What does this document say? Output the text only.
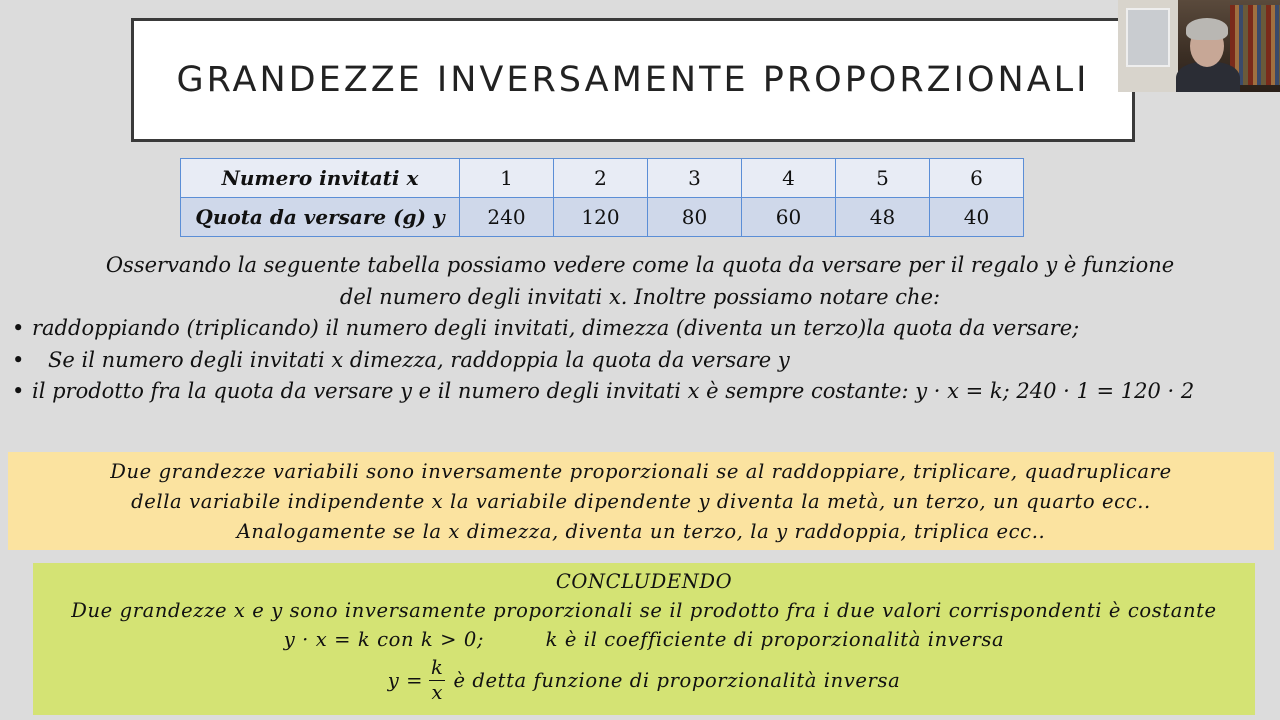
GRANDEZZE INVERSAMENTE PROPORZIONALI
Numero invitati x	1	2	3	4	5	6
Quota da versare (g) y	240	120	80	60	48	40
Osservando la seguente tabella possiamo vedere come la quota da versare per il regalo y è funzione
del numero degli invitati x. Inoltre possiamo notare che:
• raddoppiando (triplicando) il numero degli invitati, dimezza (diventa un terzo)la quota da versare;
• Se il numero degli invitati x dimezza, raddoppia la quota da versare y
• il prodotto fra la quota da versare y e il numero degli invitati x è sempre costante: y · x = k; 240 · 1 = 120 · 2
Due grandezze variabili sono inversamente proporzionali se al raddoppiare, triplicare, quadruplicare
della variabile indipendente x la variabile dipendente y diventa la metà, un terzo, un quarto ecc..
Analogamente se la x dimezza, diventa un terzo, la y raddoppia, triplica ecc..
CONCLUDENDO
Due grandezze x e y sono inversamente proporzionali se il prodotto fra i due valori corrispondenti è costante
y · x = k con k > 0;	k è il coefficiente di proporzionalità inversa
$y = \frac{k}{x}$ è detta funzione di proporzionalità inversa
